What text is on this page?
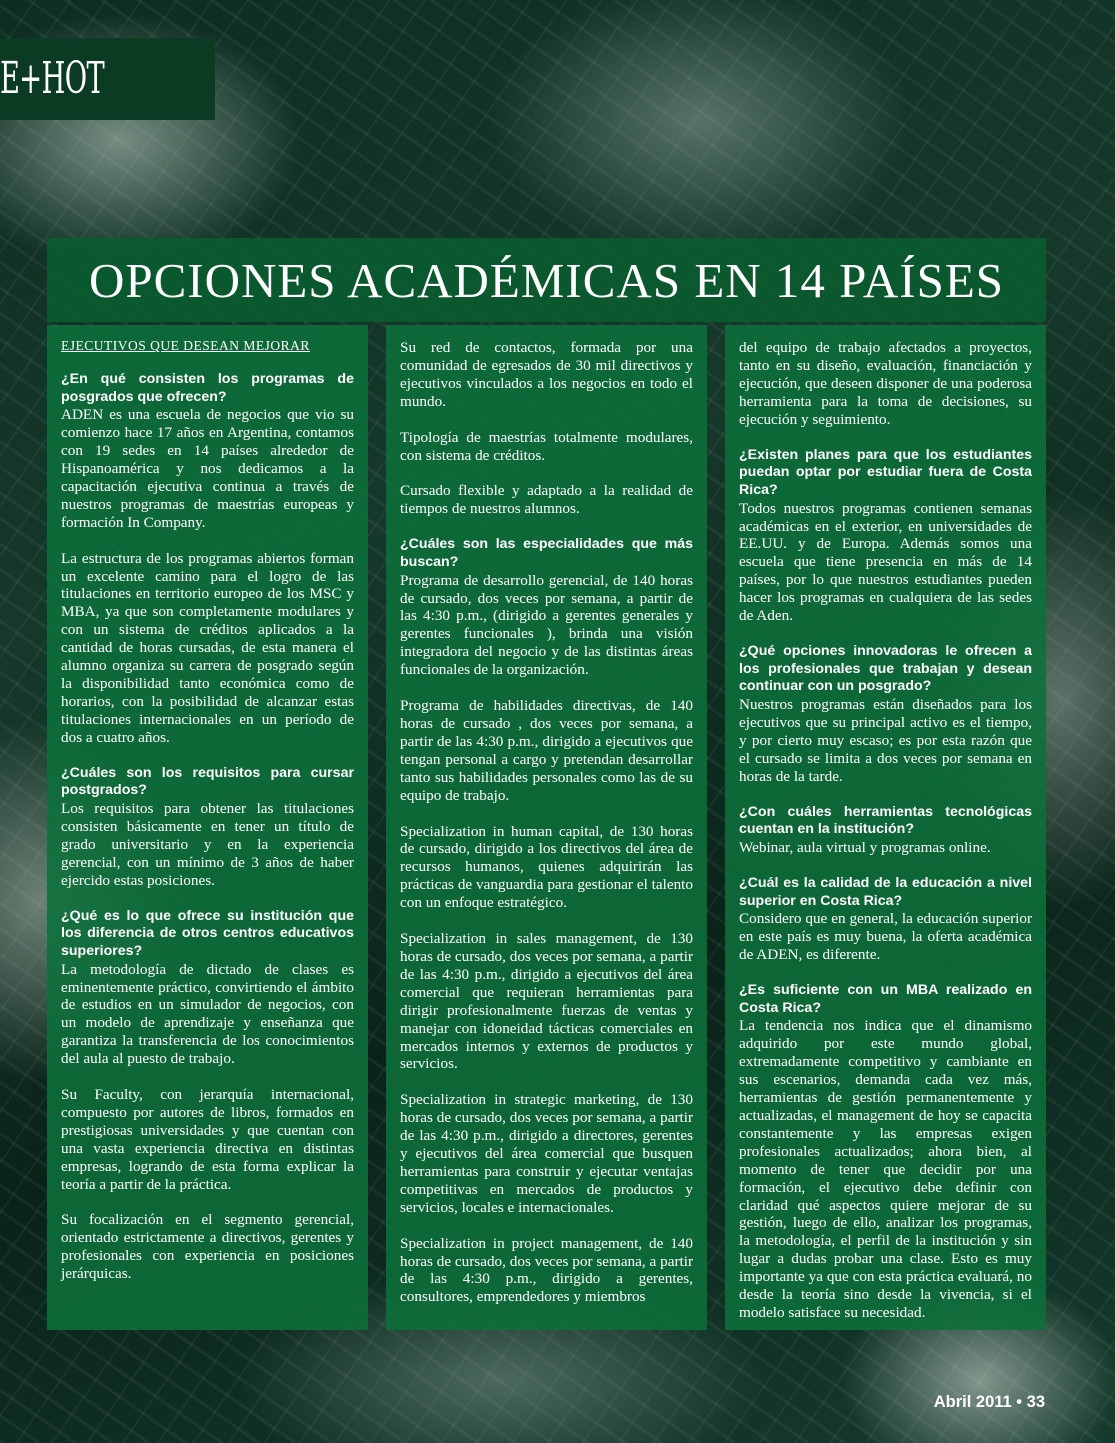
E+HOT
OPCIONES ACADÉMICAS EN 14 PAÍSES
EJECUTIVOS QUE DESEAN MEJORAR

¿En qué consisten los programas de posgrados que ofrecen?

ADEN es una escuela de negocios que vio su comienzo hace 17 años en Argentina, contamos con 19 sedes en 14 países alrededor de Hispanoamérica y nos dedicamos a la capacitación ejecutiva continua a través de nuestros programas de maestrías europeas y formación In Company.

La estructura de los programas abiertos forman un excelente camino para el logro de las titulaciones en territorio europeo de los MSC y MBA, ya que son completamente modulares y con un sistema de créditos aplicados a la cantidad de horas cursadas, de esta manera el alumno organiza su carrera de posgrado según la disponibilidad tanto económica como de horarios, con la posibilidad de alcanzar estas titulaciones internacionales en un período de dos a cuatro años.

¿Cuáles son los requisitos para cursar postgrados?

Los requisitos para obtener las titulaciones consisten básicamente en tener un título de grado universitario y en la experiencia gerencial, con un mínimo de 3 años de haber ejercido estas posiciones.

¿Qué es lo que ofrece su institución que los diferencia de otros centros educativos superiores?

La metodología de dictado de clases es eminentemente práctico, convirtiendo el ámbito de estudios en un simulador de negocios, con un modelo de aprendizaje y enseñanza que garantiza la transferencia de los conocimientos del aula al puesto de trabajo.

Su Faculty, con jerarquía internacional, compuesto por autores de libros, formados en prestigiosas universidades y que cuentan con una vasta experiencia directiva en distintas empresas, logrando de esta forma explicar la teoría a partir de la práctica.

Su focalización en el segmento gerencial, orientado estrictamente a directivos, gerentes y profesionales con experiencia en posiciones jerárquicas.

Su red de contactos, formada por una comunidad de egresados de 30 mil directivos y ejecutivos vinculados a los negocios en todo el mundo.

Tipología de maestrías totalmente modulares, con sistema de créditos.

Cursado flexible y adaptado a la realidad de tiempos de nuestros alumnos.

¿Cuáles son las especialidades que más buscan?

Programa de desarrollo gerencial, de 140 horas de cursado, dos veces por semana, a partir de las 4:30 p.m., (dirigido a gerentes generales y gerentes funcionales ), brinda una visión integradora del negocio y de las distintas áreas funcionales de la organización.

Programa de habilidades directivas, de 140 horas de cursado , dos veces por semana, a partir de las 4:30 p.m., dirigido a ejecutivos que tengan personal a cargo y pretendan desarrollar tanto sus habilidades personales como las de su equipo de trabajo.

Specialization in human capital, de 130 horas de cursado, dirigido a los directivos del área de recursos humanos, quienes adquirirán las prácticas de vanguardia para gestionar el talento con un enfoque estratégico.

Specialization in sales management, de 130 horas de cursado, dos veces por semana, a partir de las 4:30 p.m., dirigido a ejecutivos del área comercial que requieran herramientas para dirigir profesionalmente fuerzas de ventas y manejar con idoneidad tácticas comerciales en mercados internos y externos de productos y servicios.

Specialization in strategic marketing, de 130 horas de cursado, dos veces por semana, a partir de las 4:30 p.m., dirigido a directores, gerentes y ejecutivos del área comercial que busquen herramientas para construir y ejecutar ventajas competitivas en mercados de productos y servicios, locales e internacionales.

Specialization in project management, de 140 horas de cursado, dos veces por semana, a partir de las 4:30 p.m., dirigido a gerentes, consultores, emprendedores y miembros

del equipo de trabajo afectados a proyectos, tanto en su diseño, evaluación, financiación y ejecución, que deseen disponer de una poderosa herramienta para la toma de decisiones, su ejecución y seguimiento.

¿Existen planes para que los estudiantes puedan optar por estudiar fuera de Costa Rica?

Todos nuestros programas contienen semanas académicas en el exterior, en universidades de EE.UU. y de Europa. Además somos una escuela que tiene presencia en más de 14 países, por lo que nuestros estudiantes pueden hacer los programas en cualquiera de las sedes de Aden.

¿Qué opciones innovadoras le ofrecen a los profesionales que trabajan y desean continuar con un posgrado?

Nuestros programas están diseñados para los ejecutivos que su principal activo es el tiempo, y por cierto muy escaso; es por esta razón que el cursado se limita a dos veces por semana en horas de la tarde.

¿Con cuáles herramientas tecnológicas cuentan en la institución?

Webinar, aula virtual y programas online.

¿Cuál es la calidad de la educación a nivel superior en Costa Rica?

Considero que en general, la educación superior en este país es muy buena, la oferta académica de ADEN, es diferente.

¿Es suficiente con un MBA realizado en Costa Rica?

La tendencia nos indica que el dinamismo adquirido por este mundo global, extremadamente competitivo y cambiante en sus escenarios, demanda cada vez más, herramientas de gestión permanentemente y actualizadas, el management de hoy se capacita constantemente y las empresas exigen profesionales actualizados; ahora bien, al momento de tener que decidir por una formación, el ejecutivo debe definir con claridad qué aspectos quiere mejorar de su gestión, luego de ello, analizar los programas, la metodología, el perfil de la institución y sin lugar a dudas probar una clase. Esto es muy importante ya que con esta práctica evaluará, no desde la teoría sino desde la vivencia, si el modelo satisface su necesidad.

Abril 2011 • 33
